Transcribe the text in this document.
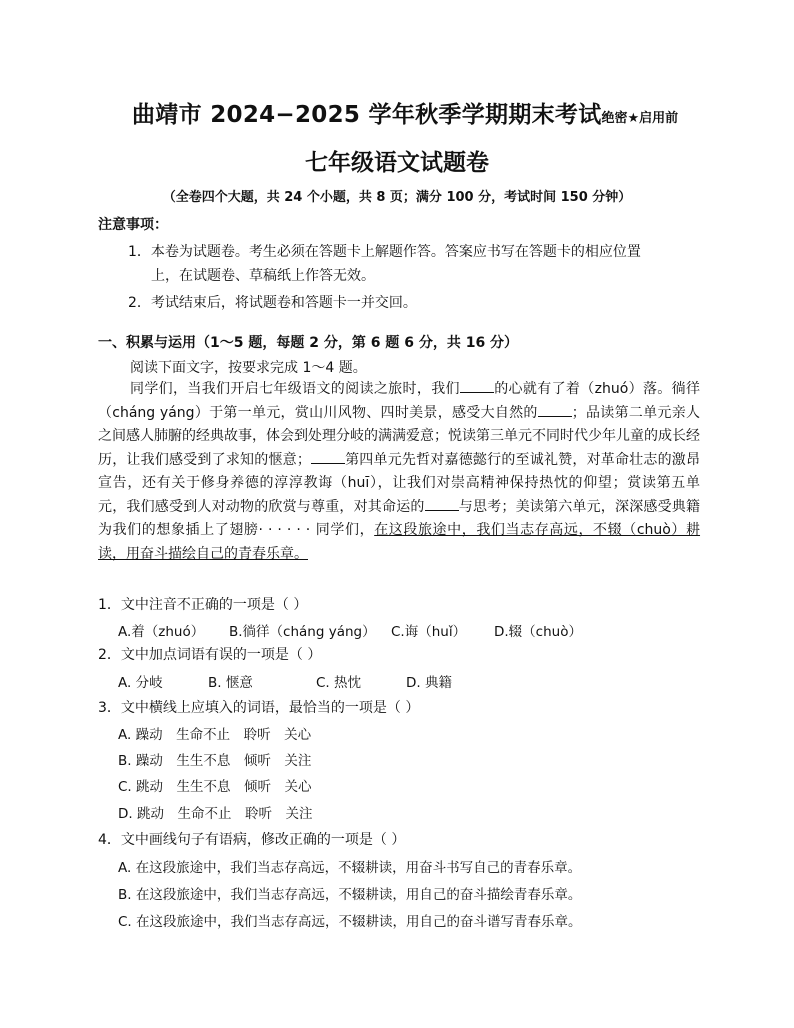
曲靖市 2024−2025 学年秋季学期期末考试绝密★启用前
七年级语文试题卷
（全卷四个大题，共 24 个小题，共 8 页；满分 100 分，考试时间 150 分钟）
注意事项：
1．本卷为试题卷。考生必须在答题卡上解题作答。答案应书写在答题卡的相应位置
上，在试题卷、草稿纸上作答无效。
2．考试结束后，将试题卷和答题卡一并交回。
一、积累与运用（1～5 题，每题 2 分，第 6 题 6 分，共 16 分）
阅读下面文字，按要求完成 1～4 题。
同学们，当我们开启七年级语文的阅读之旅时，我们 的心就有了着（zhuó）落。徜徉（cháng yáng）于第一单元，赏山川风物、四时美景，感受大自然的 ；品读第二单元亲人之间感人肺腑的经典故事，体会到处理分岐的满满爱意；悦读第三单元不同时代少年儿童的成长经历，让我们感受到了求知的惬意； 第四单元先哲对嘉德懿行的至诚礼赞，对革命壮志的激昂宣告，还有关于修身养德的淳淳教诲（huī），让我们对崇高精神保持热忱的仰望；赏读第五单元，我们感受到人对动物的欣赏与尊重，对其命运的 与思考；美读第六单元，深深感受典籍为我们的想象插上了翅膀······同学们，在这段旅途中，我们当志存高远，不辍（chuò）耕读，用奋斗描绘自己的青春乐章。
1．文中注音不正确的一项是（ ）
A.着（zhuó） B.徜徉（cháng yáng） C.诲（huǐ） D.辍（chuò）
2．文中加点词语有误的一项是（ ）
A. 分岐	B. 惬意	C. 热忱	D. 典籍
3．文中横线上应填入的词语，最恰当的一项是（ ）
A. 躁动　生命不止　聆听　关心
B. 躁动　生生不息　倾听　关注
C. 跳动　生生不息　倾听　关心
D. 跳动　生命不止　聆听　关注
4．文中画线句子有语病，修改正确的一项是（ ）
A. 在这段旅途中，我们当志存高远，不辍耕读，用奋斗书写自己的青春乐章。
B. 在这段旅途中，我们当志存高远，不辍耕读，用自己的奋斗描绘青春乐章。
C. 在这段旅途中，我们当志存高远，不辍耕读，用自己的奋斗谱写青春乐章。
